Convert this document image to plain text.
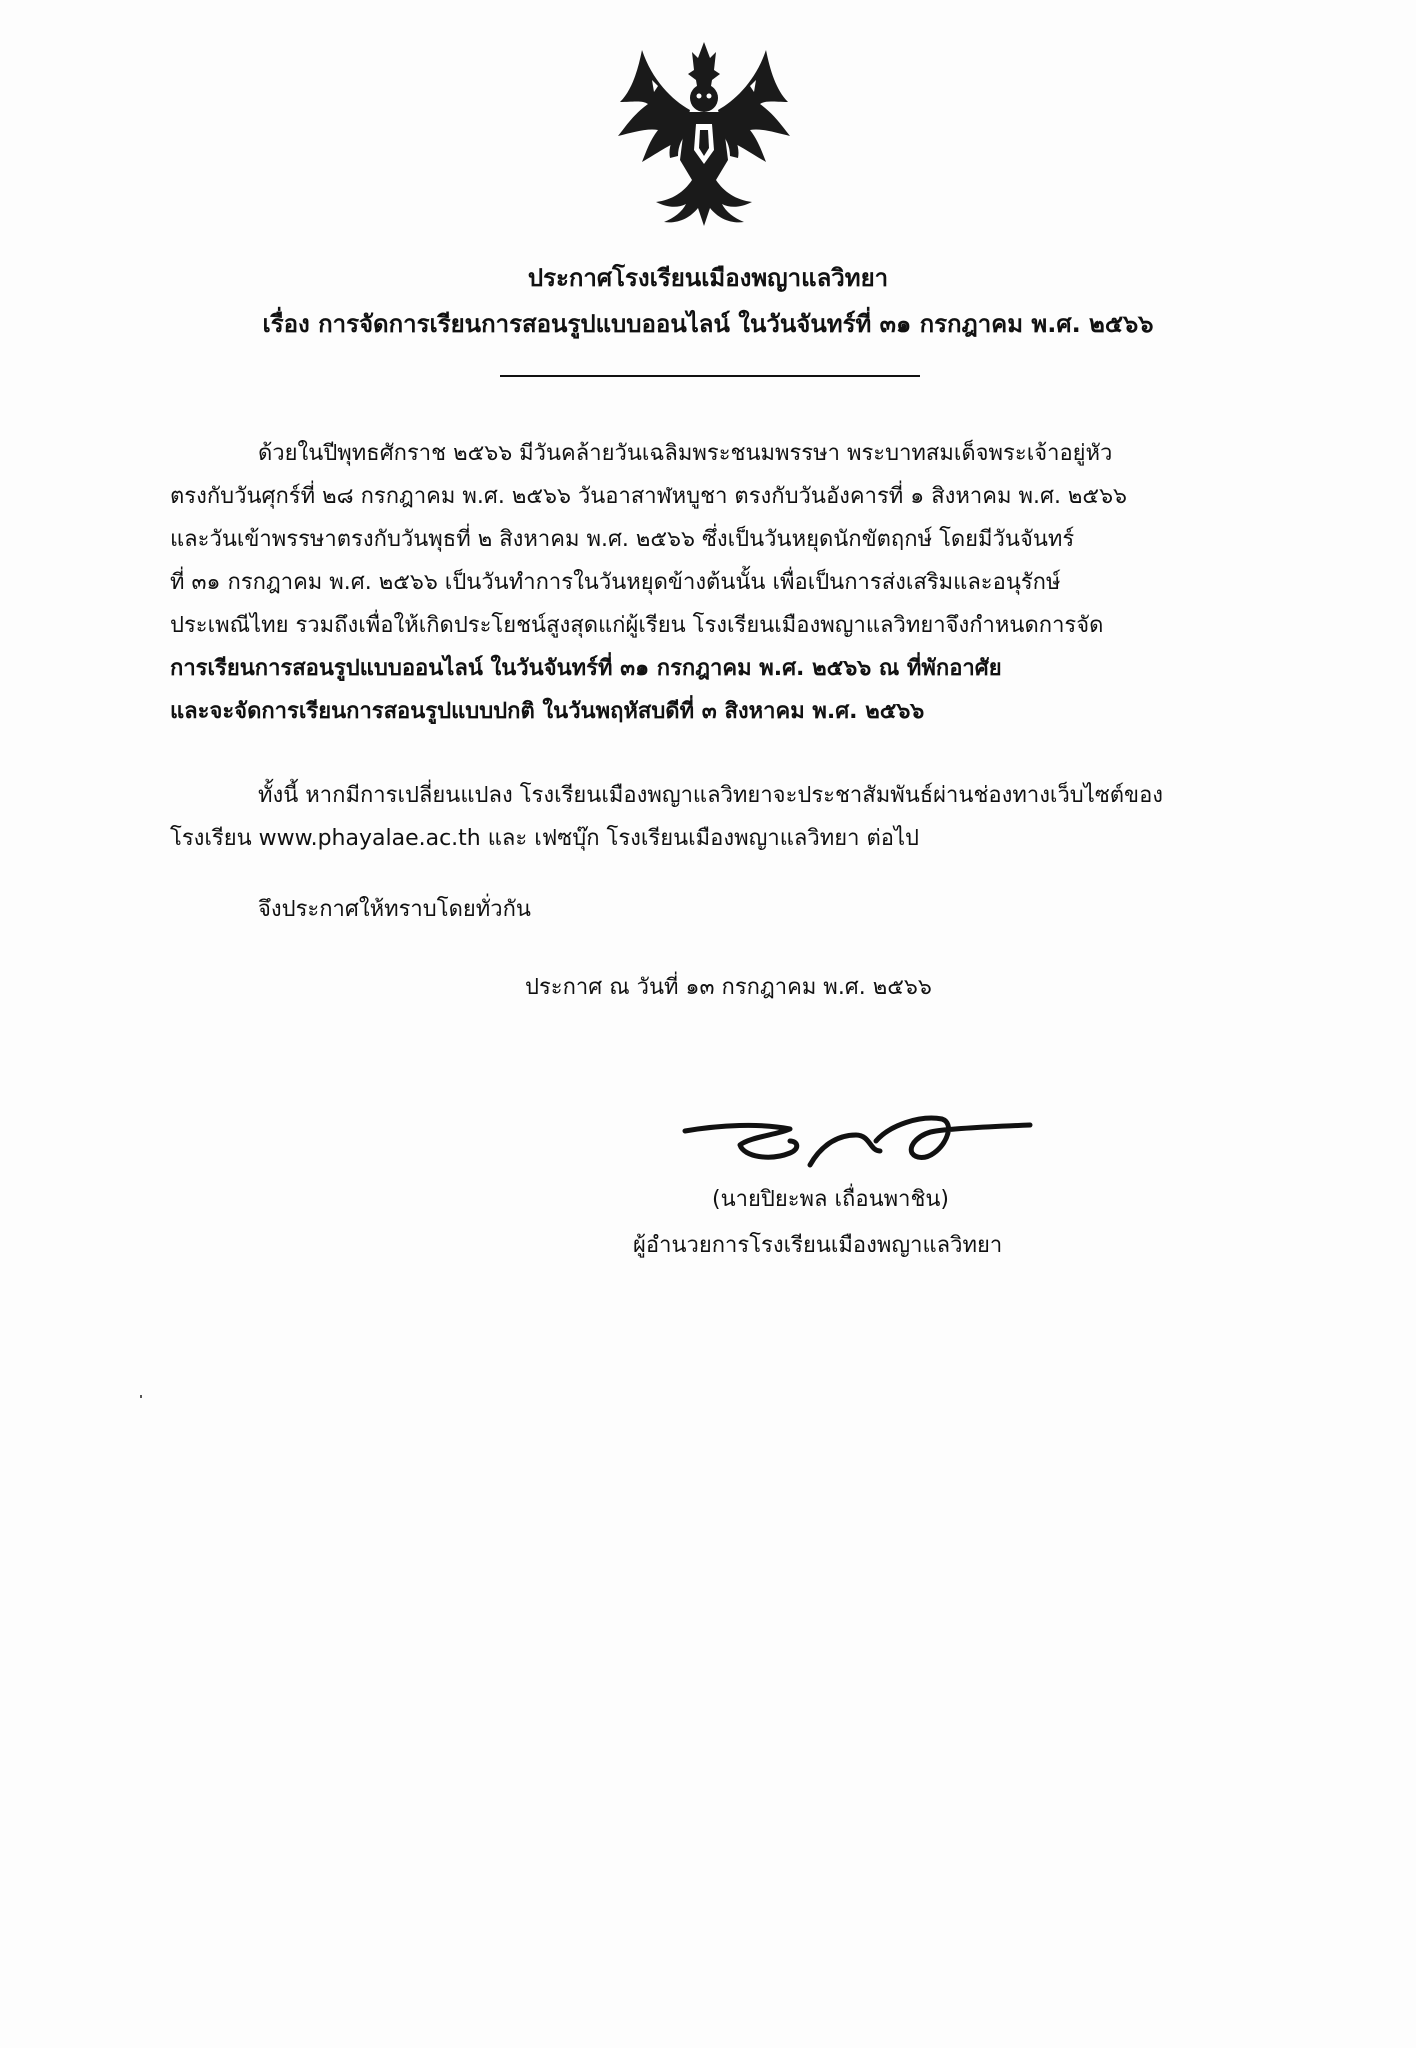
ประกาศโรงเรียนเมืองพญาแลวิทยา
เรื่อง การจัดการเรียนการสอนรูปแบบออนไลน์ ในวันจันทร์ที่ ๓๑ กรกฎาคม พ.ศ. ๒๕๖๖
ด้วยในปีพุทธศักราช ๒๕๖๖ มีวันคล้ายวันเฉลิมพระชนมพรรษา พระบาทสมเด็จพระเจ้าอยู่หัว
ตรงกับวันศุกร์ที่ ๒๘ กรกฎาคม พ.ศ. ๒๕๖๖ วันอาสาฬหบูชา ตรงกับวันอังคารที่ ๑ สิงหาคม พ.ศ. ๒๕๖๖
และวันเข้าพรรษาตรงกับวันพุธที่ ๒ สิงหาคม พ.ศ. ๒๕๖๖ ซึ่งเป็นวันหยุดนักขัตฤกษ์ โดยมีวันจันทร์
ที่ ๓๑ กรกฎาคม พ.ศ. ๒๕๖๖ เป็นวันทำการในวันหยุดข้างต้นนั้น เพื่อเป็นการส่งเสริมและอนุรักษ์
ประเพณีไทย รวมถึงเพื่อให้เกิดประโยชน์สูงสุดแก่ผู้เรียน โรงเรียนเมืองพญาแลวิทยาจึงกำหนดการจัด
การเรียนการสอนรูปแบบออนไลน์ ในวันจันทร์ที่ ๓๑ กรกฎาคม พ.ศ. ๒๕๖๖ ณ ที่พักอาศัย
และจะจัดการเรียนการสอนรูปแบบปกติ ในวันพฤหัสบดีที่ ๓ สิงหาคม พ.ศ. ๒๕๖๖
ทั้งนี้ หากมีการเปลี่ยนแปลง โรงเรียนเมืองพญาแลวิทยาจะประชาสัมพันธ์ผ่านช่องทางเว็บไซต์ของ
โรงเรียน www.phayalae.ac.th และ เฟซบุ๊ก โรงเรียนเมืองพญาแลวิทยา ต่อไป
จึงประกาศให้ทราบโดยทั่วกัน
ประกาศ ณ วันที่ ๑๓ กรกฎาคม พ.ศ. ๒๕๖๖
(นายปิยะพล เถื่อนพาชิน)
ผู้อำนวยการโรงเรียนเมืองพญาแลวิทยา
